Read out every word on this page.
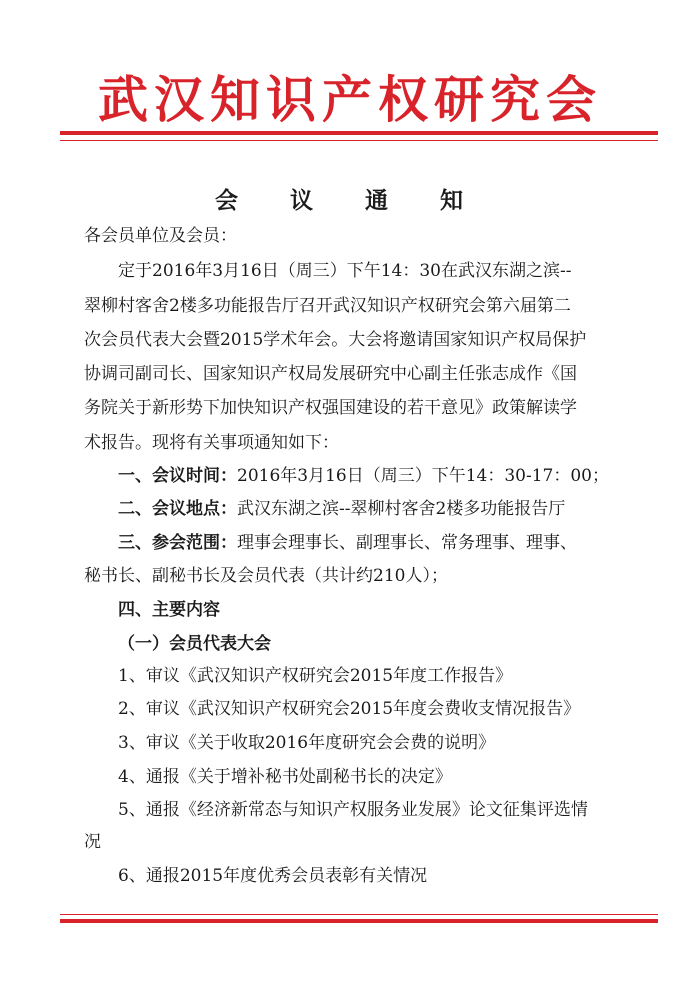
武汉知识产权研究会
会 议 通 知
各会员单位及会员：
定于2016年3月16日（周三）下午14：30在武汉东湖之滨--
翠柳村客舍2楼多功能报告厅召开武汉知识产权研究会第六届第二
次会员代表大会暨2015学术年会。大会将邀请国家知识产权局保护
协调司副司长、国家知识产权局发展研究中心副主任张志成作《国
务院关于新形势下加快知识产权强国建设的若干意见》政策解读学
术报告。现将有关事项通知如下：
一、会议时间：2016年3月16日（周三）下午14：30-17：00；
二、会议地点：武汉东湖之滨--翠柳村客舍2楼多功能报告厅
三、参会范围：理事会理事长、副理事长、常务理事、理事、
秘书长、副秘书长及会员代表（共计约210人）；
四、主要内容
（一）会员代表大会
1、审议《武汉知识产权研究会2015年度工作报告》
2、审议《武汉知识产权研究会2015年度会费收支情况报告》
3、审议《关于收取2016年度研究会会费的说明》
4、通报《关于增补秘书处副秘书长的决定》
5、通报《经济新常态与知识产权服务业发展》论文征集评选情
况
6、通报2015年度优秀会员表彰有关情况
